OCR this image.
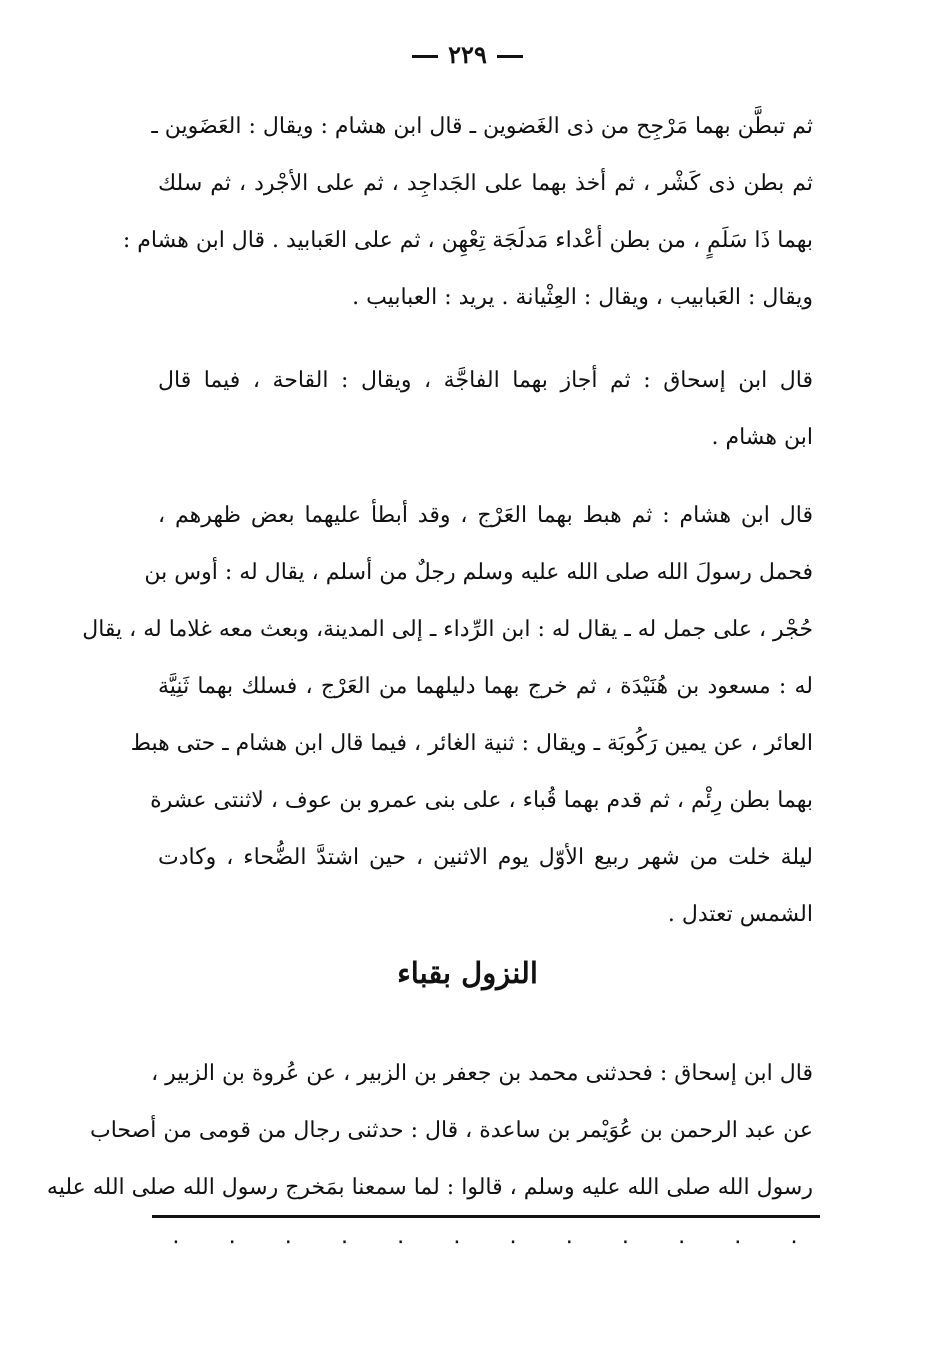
٢٢٩
ثم تبطَّن بهما مَرْجِح من ذى الغَضوين ـ قال ابن هشام : ويقال : العَضَوين ـ
ثم بطن ذى كَشْر ، ثم أخذ بهما على الجَداجِد ، ثم على الأجْرد ، ثم سلك
بهما ذَا سَلَمٍ ، من بطن أعْداء مَدلَجَة تِعْهِن ، ثم على العَبابيد . قال ابن هشام :
ويقال : العَبابيب ، ويقال : العِثْيانة . يريد : العبابيب .
قال ابن إسحاق : ثم أجاز بهما الفاجَّة ، ويقال : القاحة ، فيما قال
ابن هشام .
قال ابن هشام : ثم هبط بهما العَرْج ، وقد أبطأ عليهما بعض ظهرهم ،
فحمل رسولَ الله صلى الله عليه وسلم رجلٌ من أسلم ، يقال له : أوس بن
حُجْر ، على جمل له ـ يقال له : ابن الرِّداء ـ إلى المدينة، وبعث معه غلاما له ، يقال
له : مسعود بن هُنَيْدَة ، ثم خرج بهما دليلهما من العَرْج ، فسلك بهما ثَنِيَّة
العائر ، عن يمين رَكُوبَة ـ ويقال : ثنية الغائر ، فيما قال ابن هشام ـ حتى هبط
بهما بطن رِئْم ، ثم قدم بهما قُباء ، على بنى عمرو بن عوف ، لاثنتى عشرة
ليلة خلت من شهر ربيع الأوّل يوم الاثنين ، حين اشتدَّ الضُّحاء ، وكادت
الشمس تعتدل .
النزول بقباء
قال ابن إسحاق : فحدثنى محمد بن جعفر بن الزبير ، عن عُروة بن الزبير ،
عن عبد الرحمن بن عُوَيْمر بن ساعدة ، قال : حدثنى رجال من قومى من أصحاب
رسول الله صلى الله عليه وسلم ، قالوا : لما سمعنا بمَخرج رسول الله صلى الله عليه
٠
٠
٠
٠
٠
٠
٠
٠
٠
٠
٠
٠
